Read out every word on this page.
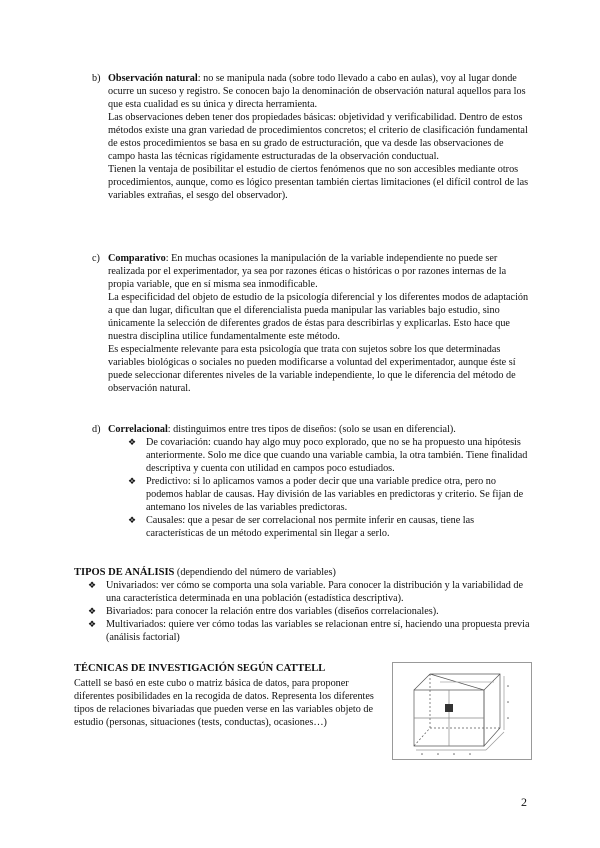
b) Observación natural: no se manipula nada (sobre todo llevado a cabo en aulas), voy al lugar donde ocurre un suceso y registro. Se conocen bajo la denominación de observación natural aquellos para los que esta cualidad es su única y directa herramienta.

Las observaciones deben tener dos propiedades básicas: objetividad y verificabilidad. Dentro de estos métodos existe una gran variedad de procedimientos concretos; el criterio de clasificación fundamental de estos procedimientos se basa en su grado de estructuración, que va desde las observaciones de campo hasta las técnicas rígidamente estructuradas de la observación conductual.

Tienen la ventaja de posibilitar el estudio de ciertos fenómenos que no son accesibles mediante otros procedimientos, aunque, como es lógico presentan también ciertas limitaciones (el difícil control de las variables extrañas, el sesgo del observador).

c) Comparativo: En muchas ocasiones la manipulación de la variable independiente no puede ser realizada por el experimentador, ya sea por razones éticas o históricas o por razones internas de la propia variable, que en sí misma sea inmodificable.

La especificidad del objeto de estudio de la psicología diferencial y los diferentes modos de adaptación a que dan lugar, dificultan que el diferencialista pueda manipular las variables bajo estudio, sino únicamente la selección de diferentes grados de éstas para describirlas y explicarlas. Esto hace que nuestra disciplina utilice fundamentalmente este método.

Es especialmente relevante para esta psicología que trata con sujetos sobre los que determinadas variables biológicas o sociales no pueden modificarse a voluntad del experimentador, aunque éste sí puede seleccionar diferentes niveles de la variable independiente, lo que le diferencia del método de observación natural.

d) Correlacional: distinguimos entre tres tipos de diseños: (solo se usan en diferencial).

❖ De covariación: cuando hay algo muy poco explorado, que no se ha propuesto una hipótesis anteriormente. Solo me dice que cuando una variable cambia, la otra también. Tiene finalidad descriptiva y cuenta con utilidad en campos poco estudiados.
❖ Predictivo: si lo aplicamos vamos a poder decir que una variable predice otra, pero no podemos hablar de causas. Hay división de las variables en predictoras y criterio. Se fijan de antemano los niveles de las variables predictoras.
❖ Causales: que a pesar de ser correlacional nos permite inferir en causas, tiene las características de un método experimental sin llegar a serlo.
TIPOS DE ANÁLISIS (dependiendo del número de variables)
❖ Univariados: ver cómo se comporta una sola variable. Para conocer la distribución y la variabilidad de una característica determinada en una población (estadística descriptiva).
❖ Bivariados: para conocer la relación entre dos variables (diseños correlacionales).
❖ Multivariados: quiere ver cómo todas las variables se relacionan entre sí, haciendo una propuesta previa (análisis factorial)
TÉCNICAS DE INVESTIGACIÓN SEGÚN CATTELL

Cattell se basó en este cubo o matriz básica de datos, para proponer diferentes posibilidades en la recogida de datos. Representa los diferentes tipos de relaciones bivariadas que pueden verse en las variables objeto de estudio (personas, situaciones (tests, conductas), ocasiones…)

2
